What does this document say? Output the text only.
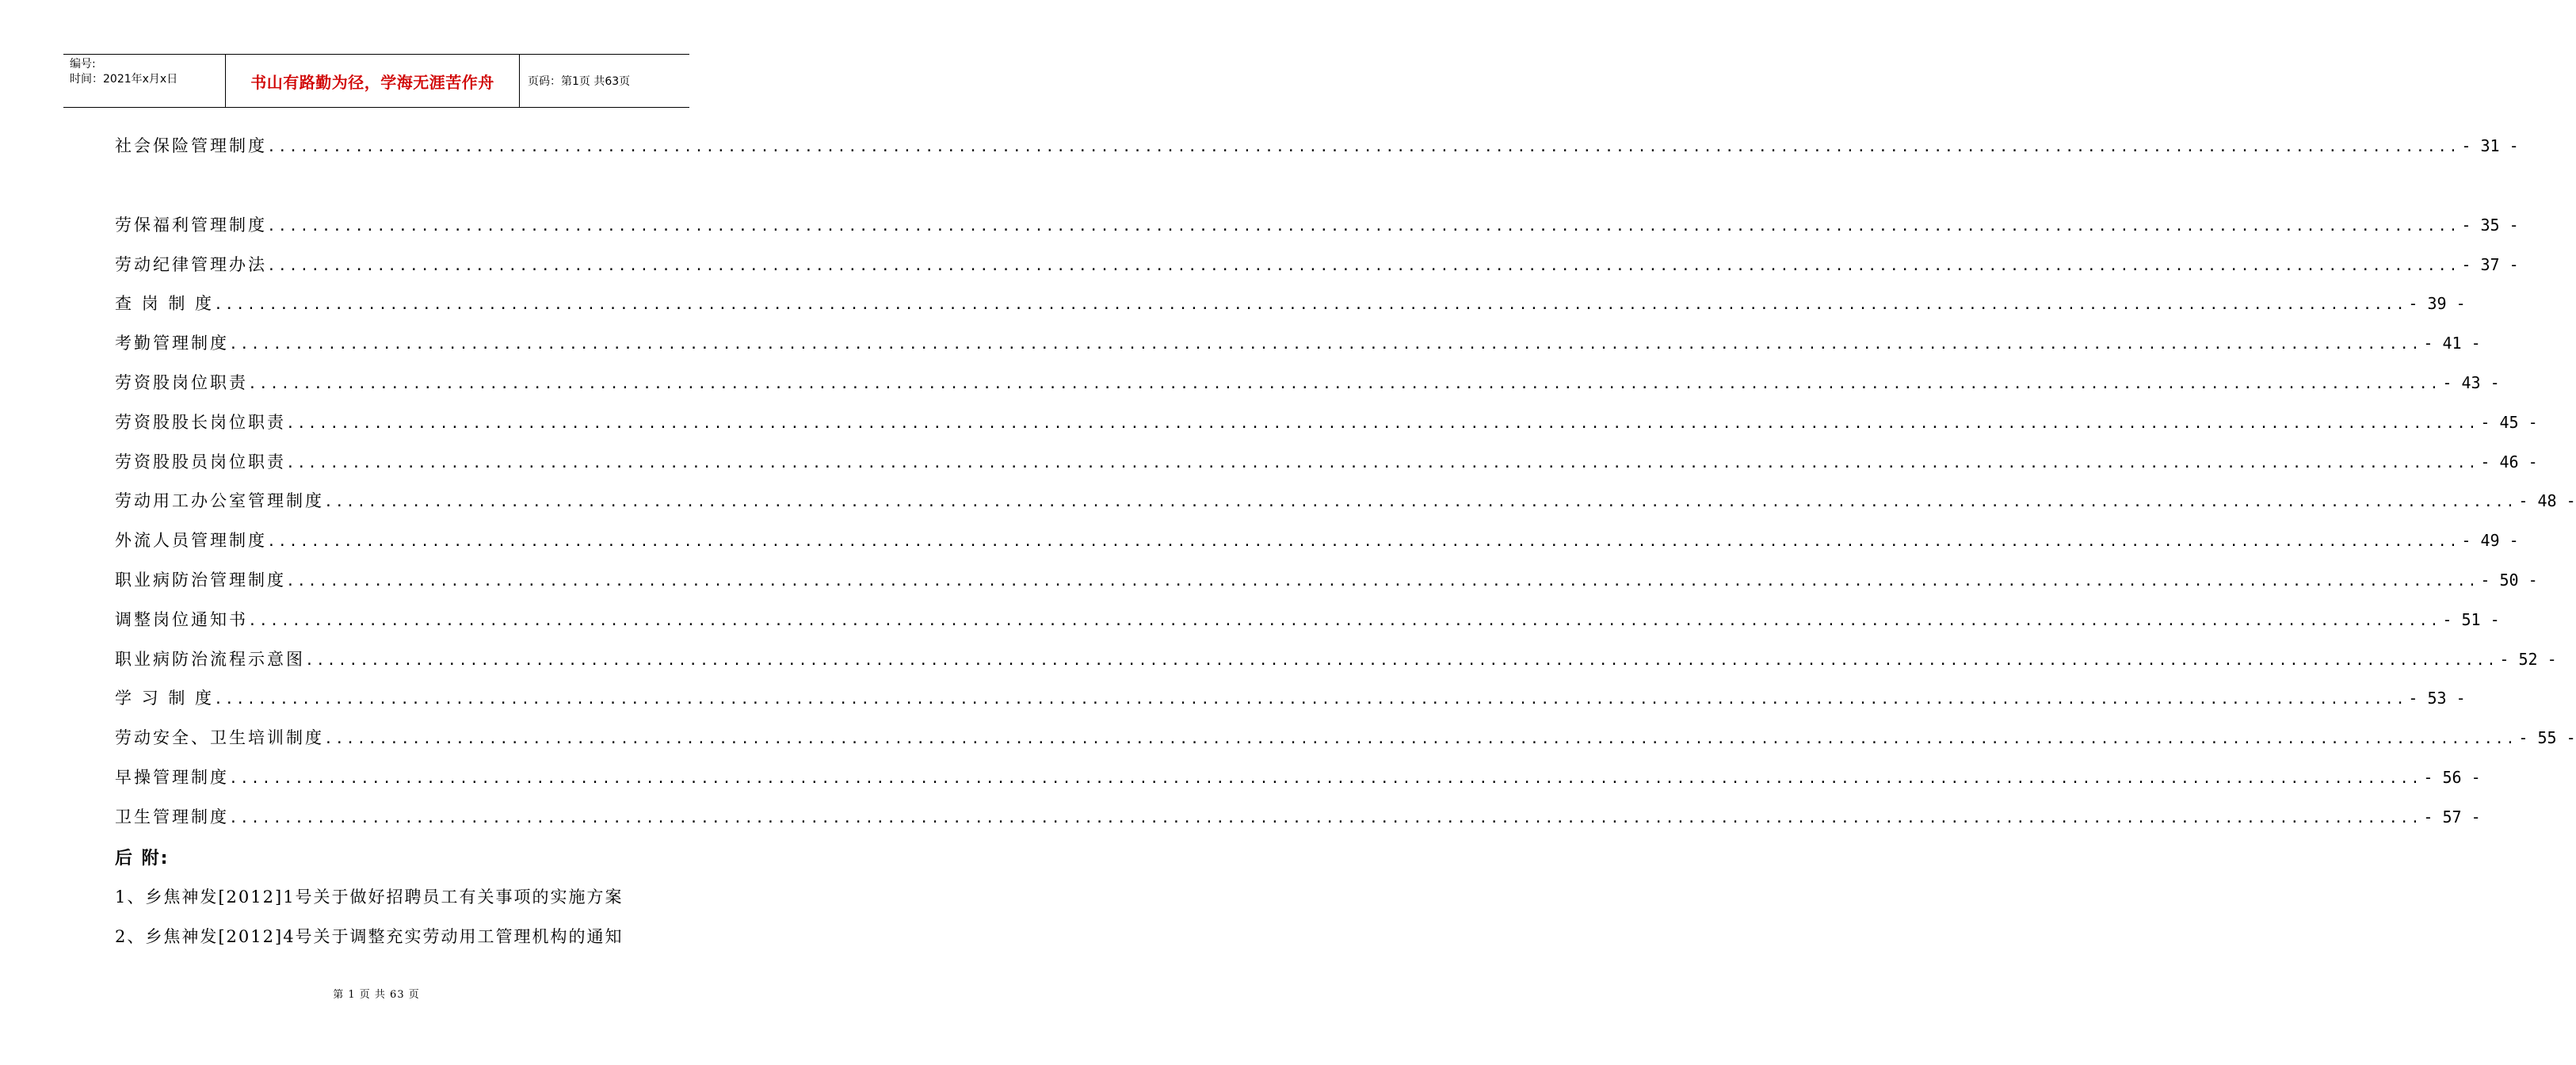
编号:
时间：2021年x月x日	书山有路勤为径，学海无涯苦作舟	页码：第1页 共63页
社会保险管理制度 ........................................................................................................................................................................................................ - 31 -
劳保福利管理制度 ........................................................................................................................................................................................................ - 35 -
劳动纪律管理办法 ........................................................................................................................................................................................................ - 37 -
查 岗 制 度 ........................................................................................................................................................................................................ - 39 -
考勤管理制度 ........................................................................................................................................................................................................ - 41 -
劳资股岗位职责 ........................................................................................................................................................................................................ - 43 -
劳资股股长岗位职责 ........................................................................................................................................................................................................ - 45 -
劳资股股员岗位职责 ........................................................................................................................................................................................................ - 46 -
劳动用工办公室管理制度 ........................................................................................................................................................................................................ - 48 -
外流人员管理制度 ........................................................................................................................................................................................................ - 49 -
职业病防治管理制度 ........................................................................................................................................................................................................ - 50 -
调整岗位通知书 ........................................................................................................................................................................................................ - 51 -
职业病防治流程示意图 ........................................................................................................................................................................................................ - 52 -
学 习 制 度 ........................................................................................................................................................................................................ - 53 -
劳动安全、卫生培训制度 ........................................................................................................................................................................................................ - 55 -
早操管理制度 ........................................................................................................................................................................................................ - 56 -
卫生管理制度 ........................................................................................................................................................................................................ - 57 -
后 附:
1、乡焦神发[2012]1号关于做好招聘员工有关事项的实施方案
2、乡焦神发[2012]4号关于调整充实劳动用工管理机构的通知
第 1 页 共 63 页
